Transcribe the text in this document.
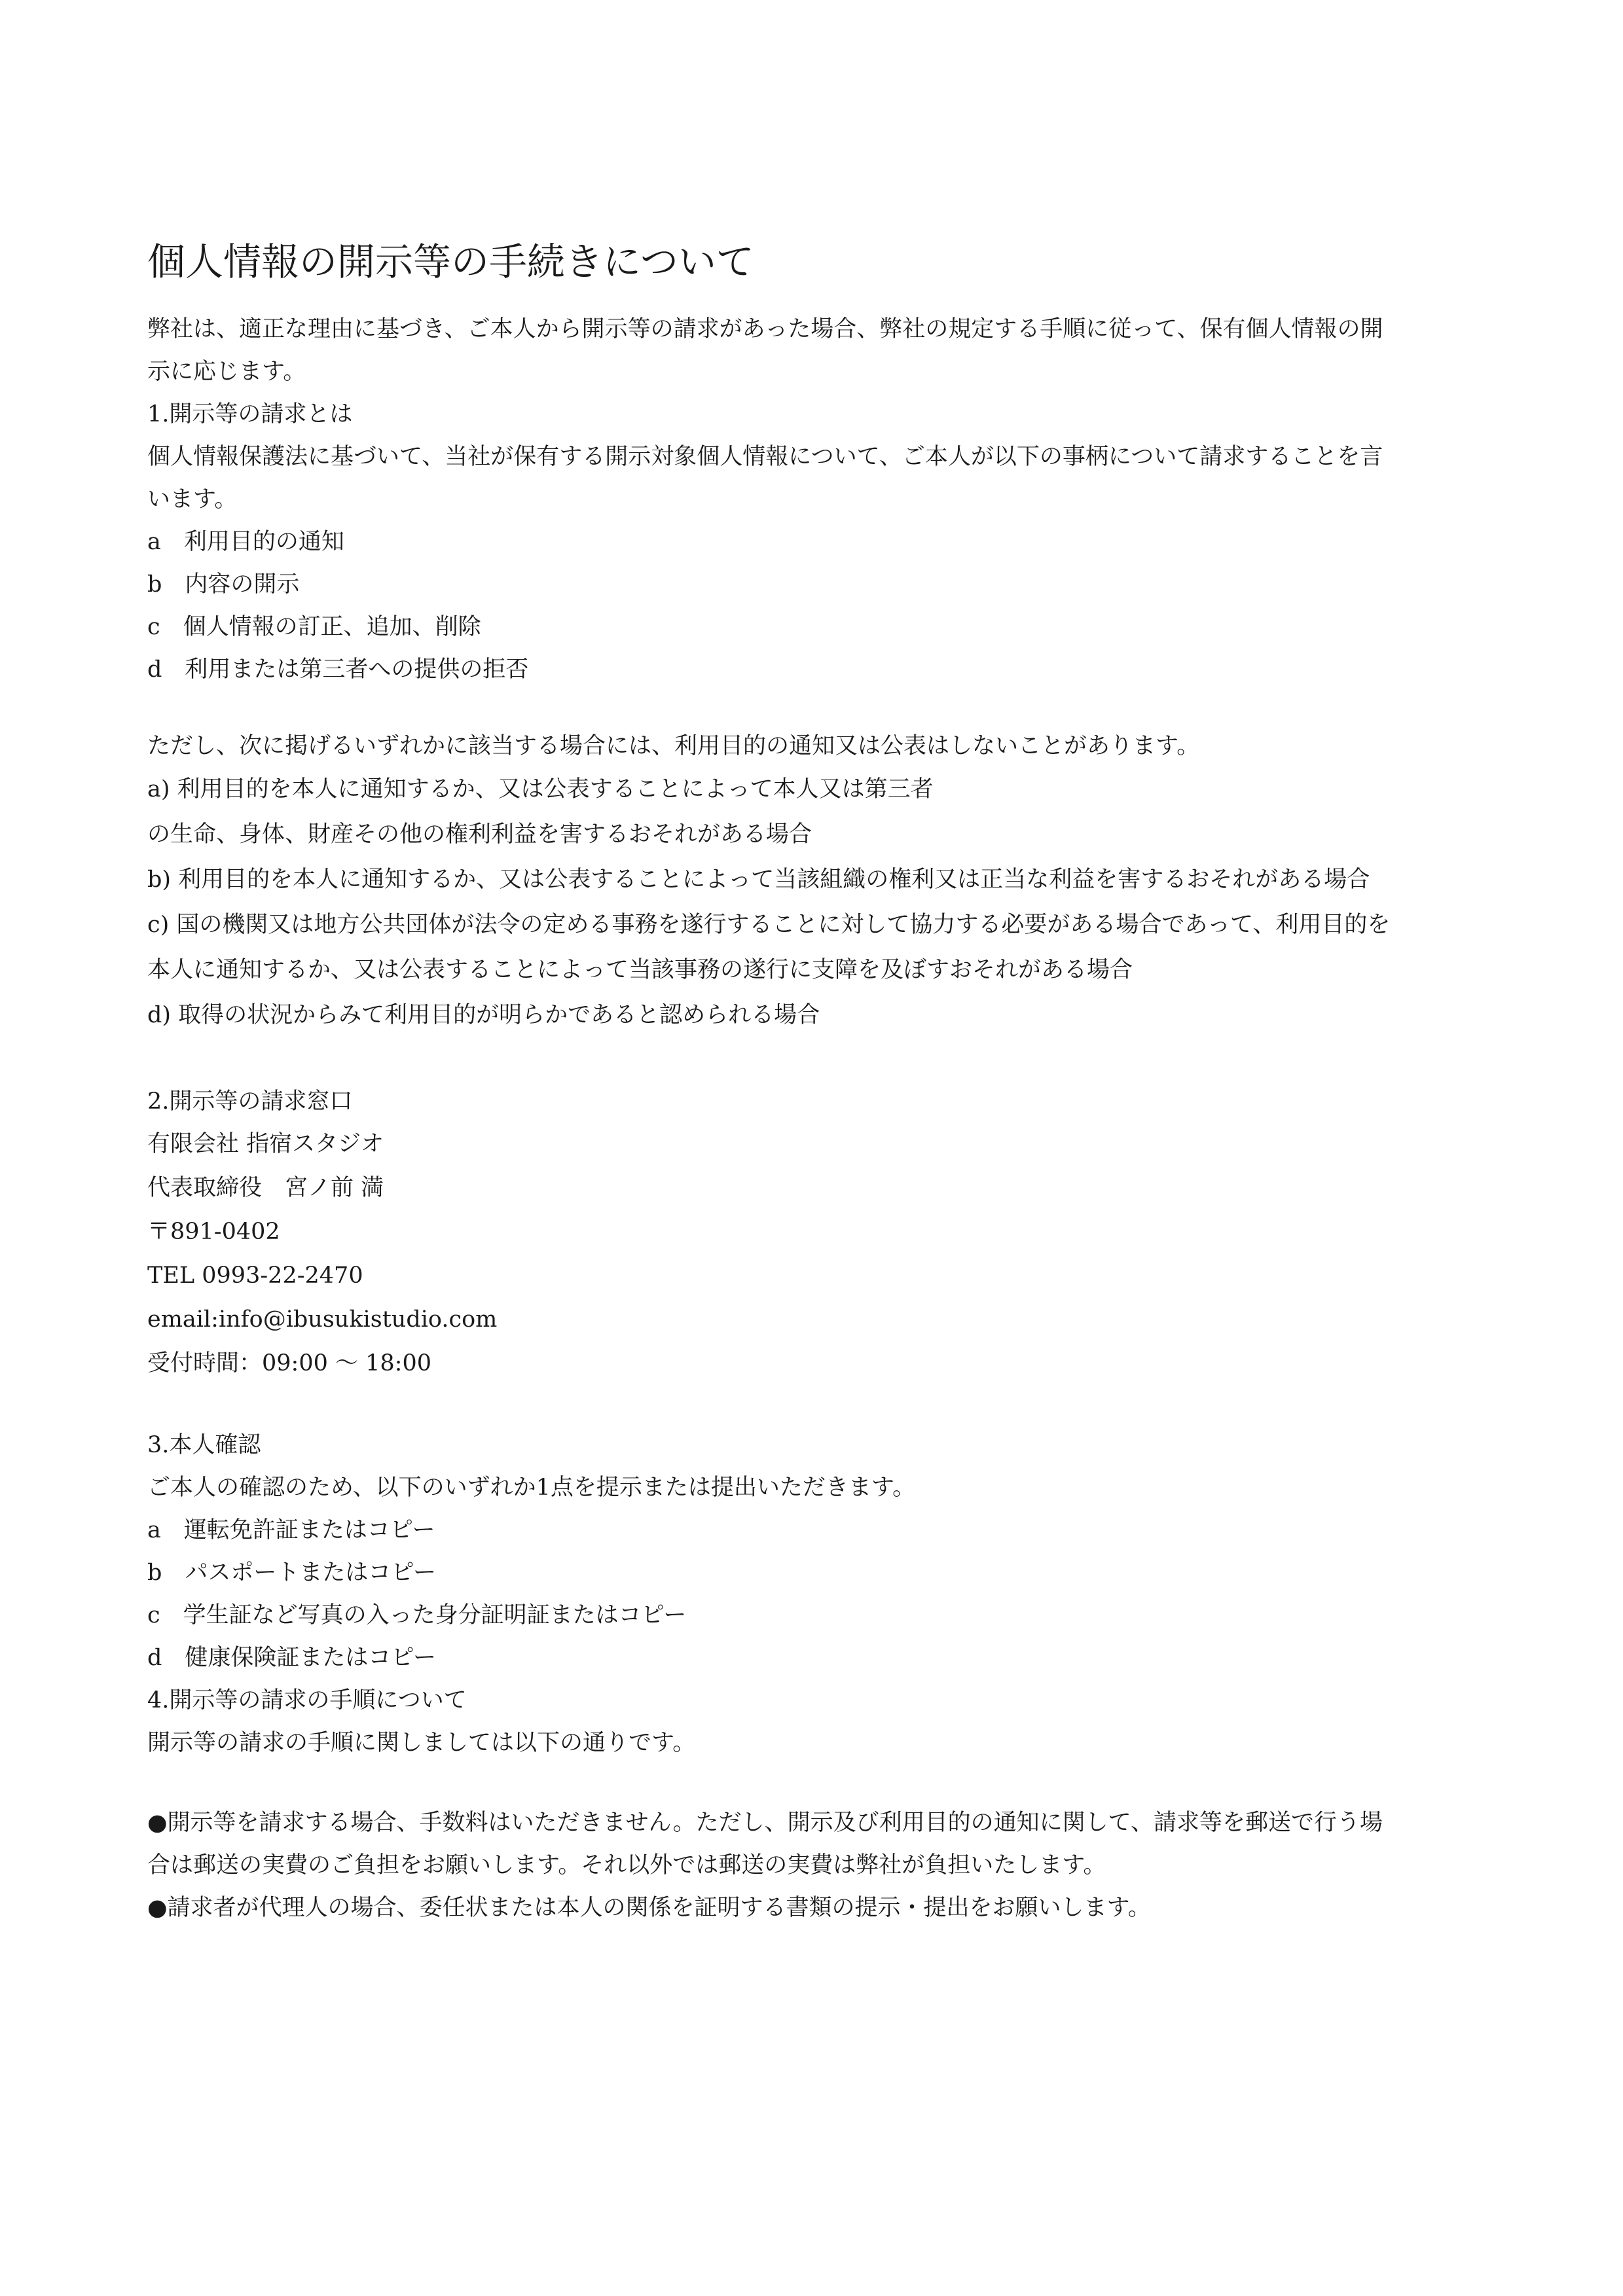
個人情報の開示等の手続きについて

弊社は、適正な理由に基づき、ご本人から開示等の請求があった場合、弊社の規定する手順に従って、保有個人情報の開

示に応じます。

1.開示等の請求とは

個人情報保護法に基づいて、当社が保有する開示対象個人情報について、ご本人が以下の事柄について請求することを言

います。

a　利用目的の通知

b　内容の開示

c　個人情報の訂正、追加、削除

d　利用または第三者への提供の拒否

ただし、次に掲げるいずれかに該当する場合には、利用目的の通知又は公表はしないことがあります。

a) 利用目的を本人に通知するか、又は公表することによって本人又は第三者

の生命、身体、財産その他の権利利益を害するおそれがある場合

b) 利用目的を本人に通知するか、又は公表することによって当該組織の権利又は正当な利益を害するおそれがある場合

c) 国の機関又は地方公共団体が法令の定める事務を遂行することに対して協力する必要がある場合であって、利用目的を

本人に通知するか、又は公表することによって当該事務の遂行に支障を及ぼすおそれがある場合

d) 取得の状況からみて利用目的が明らかであると認められる場合

2.開示等の請求窓口

有限会社 指宿スタジオ

代表取締役　宮ノ前 満

〒891-0402

TEL 0993-22-2470

email:info@ibusukistudio.com

受付時間：09:00 〜 18:00

3.本人確認

ご本人の確認のため、以下のいずれか1点を提示または提出いただきます。

a　運転免許証またはコピー

b　パスポートまたはコピー

c　学生証など写真の入った身分証明証またはコピー

d　健康保険証またはコピー

4.開示等の請求の手順について

開示等の請求の手順に関しましては以下の通りです。

●開示等を請求する場合、手数料はいただきません。ただし、開示及び利用目的の通知に関して、請求等を郵送で行う場

合は郵送の実費のご負担をお願いします。それ以外では郵送の実費は弊社が負担いたします。

●請求者が代理人の場合、委任状または本人の関係を証明する書類の提示・提出をお願いします。
